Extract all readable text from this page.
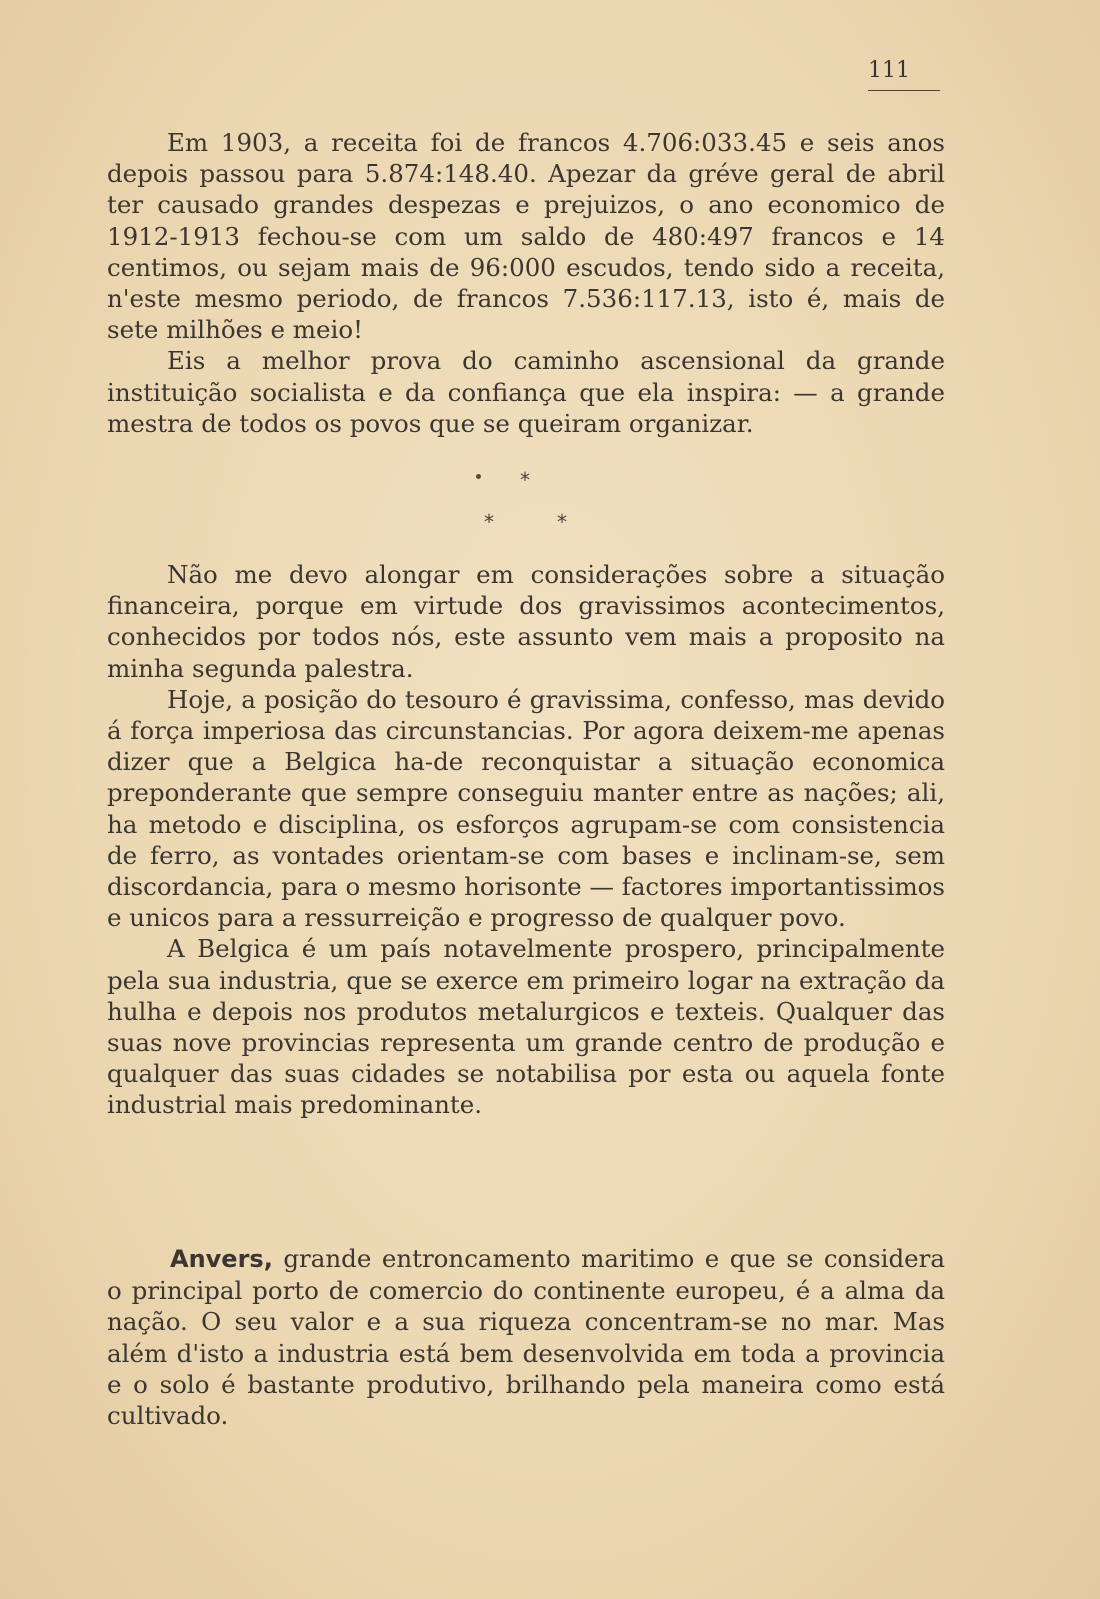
111

Em 1903, a receita foi de francos 4.706:033.45 e seis anos depois passou para 5.874:148.40. Apezar da gréve geral de abril ter causado grandes despezas e prejuizos, o ano economico de 1912-1913 fechou-se com um saldo de 480:497 francos e 14 centimos, ou sejam mais de 96:000 escudos, tendo sido a receita, n'este mesmo periodo, de francos 7.536:117.13, isto é, mais de sete milhões e meio!

Eis a melhor prova do caminho ascensional da grande instituição socialista e da confiança que ela inspira: — a grande mestra de todos os povos que se queiram organizar.

*
*	*

Não me devo alongar em considerações sobre a situação financeira, porque em virtude dos gravissimos acontecimentos, conhecidos por todos nós, este assunto vem mais a proposito na minha segunda palestra.

Hoje, a posição do tesouro é gravissima, confesso, mas devido á força imperiosa das circunstancias. Por agora deixem-me apenas dizer que a Belgica ha-de reconquistar a situação economica preponderante que sempre conseguiu manter entre as nações; ali, ha metodo e disciplina, os esforços agrupam-se com consistencia de ferro, as vontades orientam-se com bases e inclinam-se, sem discordancia, para o mesmo horisonte — factores importantissimos e unicos para a ressurreição e progresso de qualquer povo.

A Belgica é um país notavelmente prospero, principalmente pela sua industria, que se exerce em primeiro logar na extração da hulha e depois nos produtos metalurgicos e texteis. Qualquer das suas nove provincias representa um grande centro de produção e qualquer das suas cidades se notabilisa por esta ou aquela fonte industrial mais predominante.

Anvers, grande entroncamento maritimo e que se considera o principal porto de comercio do continente europeu, é a alma da nação. O seu valor e a sua riqueza concentram-se no mar. Mas além d'isto a industria está bem desenvolvida em toda a provincia e o solo é bastante produtivo, brilhando pela maneira como está cultivado.
